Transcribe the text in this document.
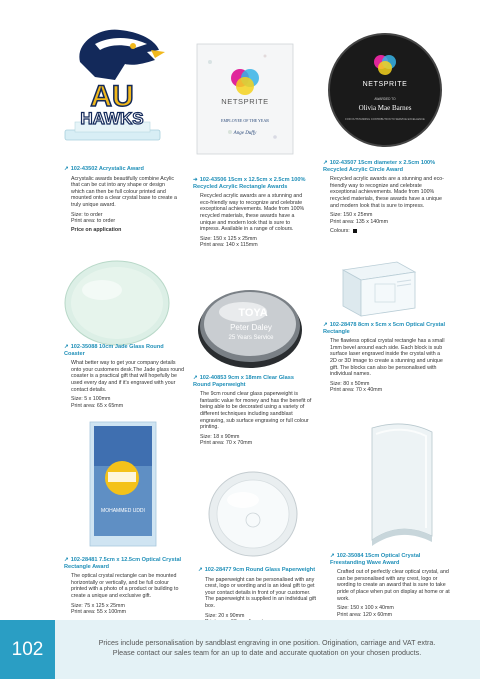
AU
HAWKS
NETSPRITE
EMPLOYEE OF THE YEAR
Ange Duffy
NETSPRITE
AWARDED TO
Olivia Mae Barnes
FOR OUTSTANDING CONTRIBUTION TO SERVICE EXCELLENCE
TOYA
Peter Daley
25 Years Service
MOHAMMED UDDI
↗ 102-43502 Acrystalic Award
Acrystalic awards beautifully combine Acylic that can be cut into any shape or design which can then be full colour printed and mounted onto a clear crystal base to create a truly unique award.
Size: to order
Print area: to order
Price on application
➜ 102-43506 15cm x 12.5cm x 2.5cm 100% Recycled Acrylic Rectangle Awards
Recycled acrylic awards are a stunning and eco-friendly way to recognize and celebrate exceptional achievements. Made from 100% recycled materials, these awards have a unique and modern look that is sure to impress. Available in a range of colours.
Size: 150 x 125 x 25mm
Print area: 140 x 115mm
↗ 102-43507 15cm diameter x 2.5cm 100% Recycled Acrylic Circle Award
Recycled acrylic awards are a stunning and eco-friendly way to recognize and celebrate exceptional achievements. Made from 100% recycled materials, these awards have a unique and modern look that is sure to impress.
Size: 150 x 25mm
Print area: 135 x 140mm
Colours:
↗ 102-35088 10cm Jade Glass Round Coaster
What better way to get your company details onto your customers desk.The Jade glass round coaster is a practical gift that will hopefully be used every day and if it's engraved with your contact details.
Size: 5 x 100mm
Print area: 65 x 65mm
↗ 102-40853 9cm x 18mm Clear Glass Round Paperweight
The 9cm round clear glass paperweight is fantastic value for money and has the benefit of being able to be decorated using a variety of different techniques including sandblast engraving, sub surface engraving or full colour printing.
Size: 18 x 90mm
Print area: 70 x 70mm
↗ 102-28478 8cm x 5cm x 5cm Optical Crystal Rectangle
The flawless optical crystal rectangle has a small 1mm bevel around each side. Each block is sub surface laser engraved inside the crystal with a 2D or 3D image to create a stunning and unique gift. The blocks can also be personalised with individual names.
Size: 80 x 50mm
Print area: 70 x 40mm
↗ 102-28481 7.5cm x 12.5cm Optical Crystal Rectangle Award
The optical crystal rectangle can be mounted horizontally or vertically, and be full colour printed with a photo of a product or building to create a unique and exclusive gift.
Size: 75 x 125 x 25mm
Print area: 55 x 100mm
↗ 102-28477 9cm Round Glass Paperweight
The paperweight can be personalised with any crest, logo or wording and is an ideal gift to get your contact details in front of your customer. The paperweight is supplied in an individual gift box.
Size: 20 x 90mm
↗ 102-35084 15cm Optical Crystal Freestanding Wave Award
Crafted out of perfectly clear optical crystal, and can be personalised with any crest, logo or wording to create an award that is sure to take pride of place when put on display at home or at work.
Size: 150 x 100 x 40mm
Print area: 120 x 60mm
102	Prices include personalisation by sandblast engraving in one position. Origination, carriage and VAT extra.
Please contact our sales team for an up to date and accurate quotation on your chosen products.
